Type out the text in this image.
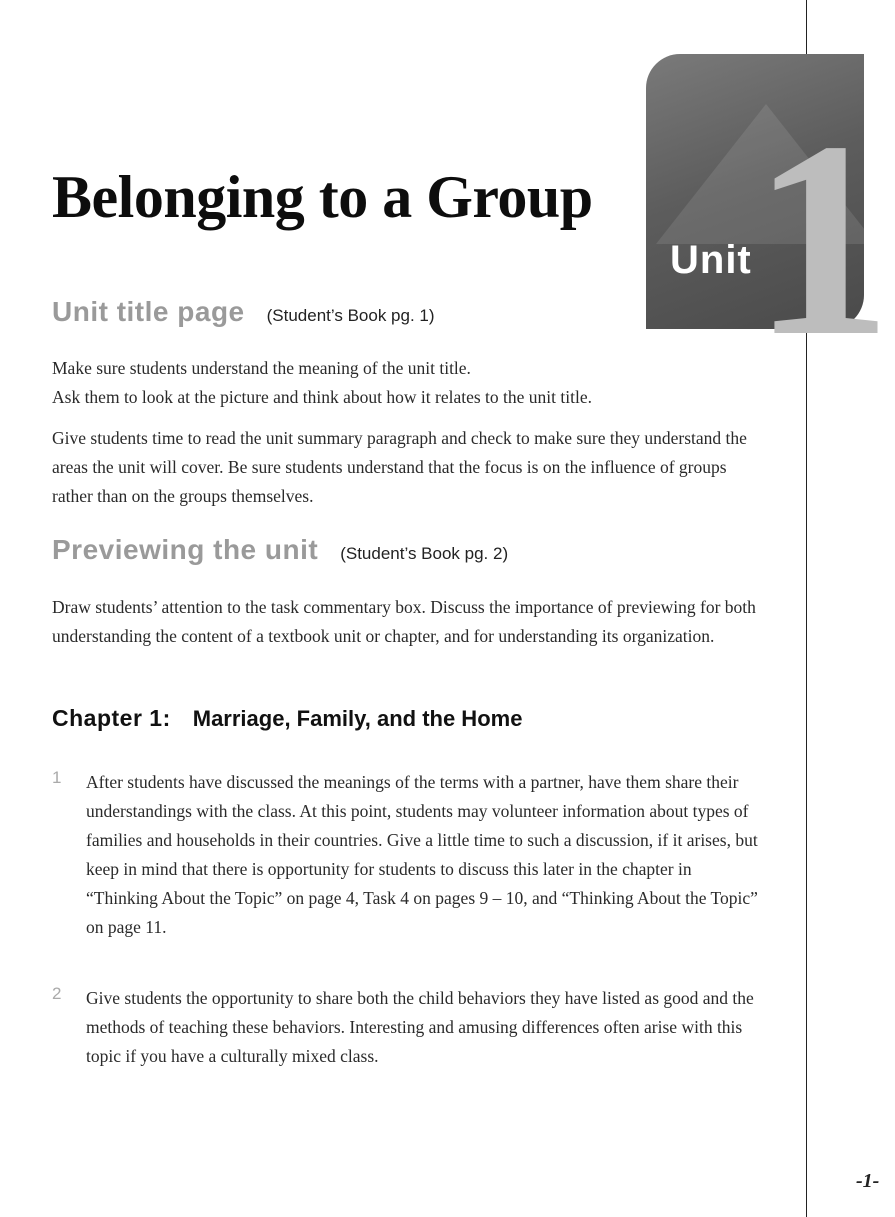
1
Unit
Belonging to a Group
Unit title page (Student’s Book pg. 1)

Make sure students understand the meaning of the unit title.

Ask them to look at the picture and think about how it relates to the unit title.

Give students time to read the unit summary paragraph and check to make sure they understand the areas the unit will cover. Be sure students understand that the focus is on the influence of groups rather than on the groups themselves.

Previewing the unit (Student’s Book pg. 2)

Draw students’ attention to the task commentary box. Discuss the importance of previewing for both understanding the content of a textbook unit or chapter, and for understanding its organization.

Chapter 1: Marriage, Family, and the Home
1 After students have discussed the meanings of the terms with a partner, have them share their understandings with the class. At this point, students may volunteer information about types of families and households in their countries. Give a little time to such a discussion, if it arises, but keep in mind that there is opportunity for students to discuss this later in the chapter in “Thinking About the Topic” on page 4, Task 4 on pages 9 – 10, and “Thinking About the Topic” on page 11.
2 Give students the opportunity to share both the child behaviors they have listed as good and the methods of teaching these behaviors. Interesting and amusing differences often arise with this topic if you have a culturally mixed class.
-1-
